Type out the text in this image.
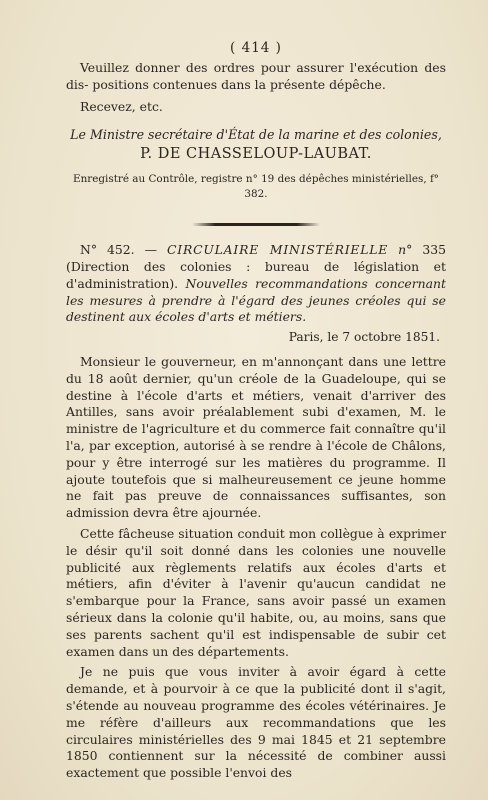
( 414 )

Veuillez donner des ordres pour assurer l'exécution des dis- positions contenues dans la présente dépêche.

Recevez, etc.

Le Ministre secrétaire d'État de la marine et des colonies,

P. DE CHASSELOUP-LAUBAT.

Enregistré au Contrôle, registre n° 19 des dépêches ministérielles, f° 382.

N° 452. — CIRCULAIRE MINISTÉRIELLE n° 335 (Direction des colonies : bureau de législation et d'administration). Nouvelles recommandations concernant les mesures à prendre à l'égard des jeunes créoles qui se destinent aux écoles d'arts et métiers.

Paris, le 7 octobre 1851.

Monsieur le gouverneur, en m'annonçant dans une lettre du 18 août dernier, qu'un créole de la Guadeloupe, qui se destine à l'école d'arts et métiers, venait d'arriver des Antilles, sans avoir préalablement subi d'examen, M. le ministre de l'agriculture et du commerce fait connaître qu'il l'a, par exception, autorisé à se rendre à l'école de Châlons, pour y être interrogé sur les matières du programme. Il ajoute toutefois que si malheureusement ce jeune homme ne fait pas preuve de connaissances suffisantes, son admission devra être ajournée.

Cette fâcheuse situation conduit mon collègue à exprimer le désir qu'il soit donné dans les colonies une nouvelle publicité aux règlements relatifs aux écoles d'arts et métiers, afin d'éviter à l'avenir qu'aucun candidat ne s'embarque pour la France, sans avoir passé un examen sérieux dans la colonie qu'il habite, ou, au moins, sans que ses parents sachent qu'il est indispensable de subir cet examen dans un des départements.

Je ne puis que vous inviter à avoir égard à cette demande, et à pourvoir à ce que la publicité dont il s'agit, s'étende au nouveau programme des écoles vétérinaires. Je me réfère d'ailleurs aux recommandations que les circulaires ministérielles des 9 mai 1845 et 21 septembre 1850 contiennent sur la nécessité de combiner aussi exactement que possible l'envoi des
